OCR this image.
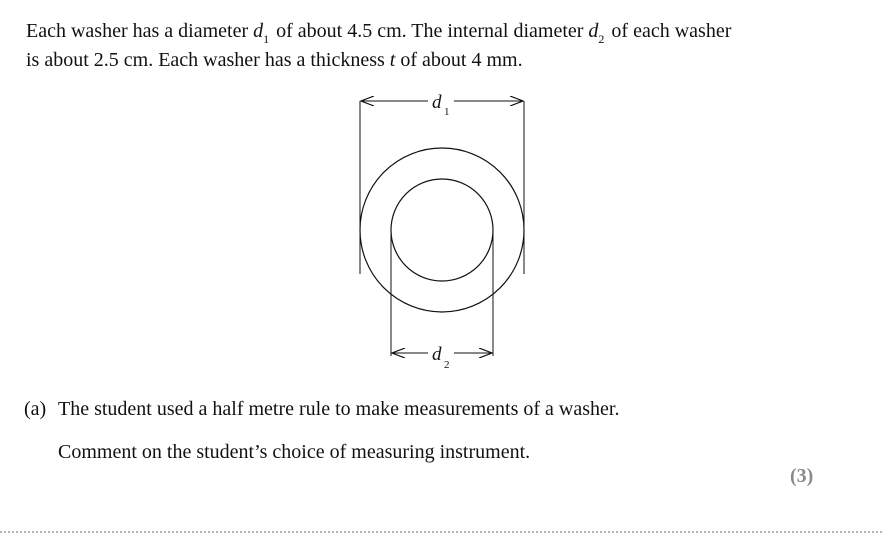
Each washer has a diameter $d_1$ of about 4.5 cm. The internal diameter $d_2$ of each washer

is about 2.5 cm. Each washer has a thickness t of about 4 mm.

d 1
d 2
(a) The student used a half metre rule to make measurements of a washer.
Comment on the student’s choice of measuring instrument.
(3)
